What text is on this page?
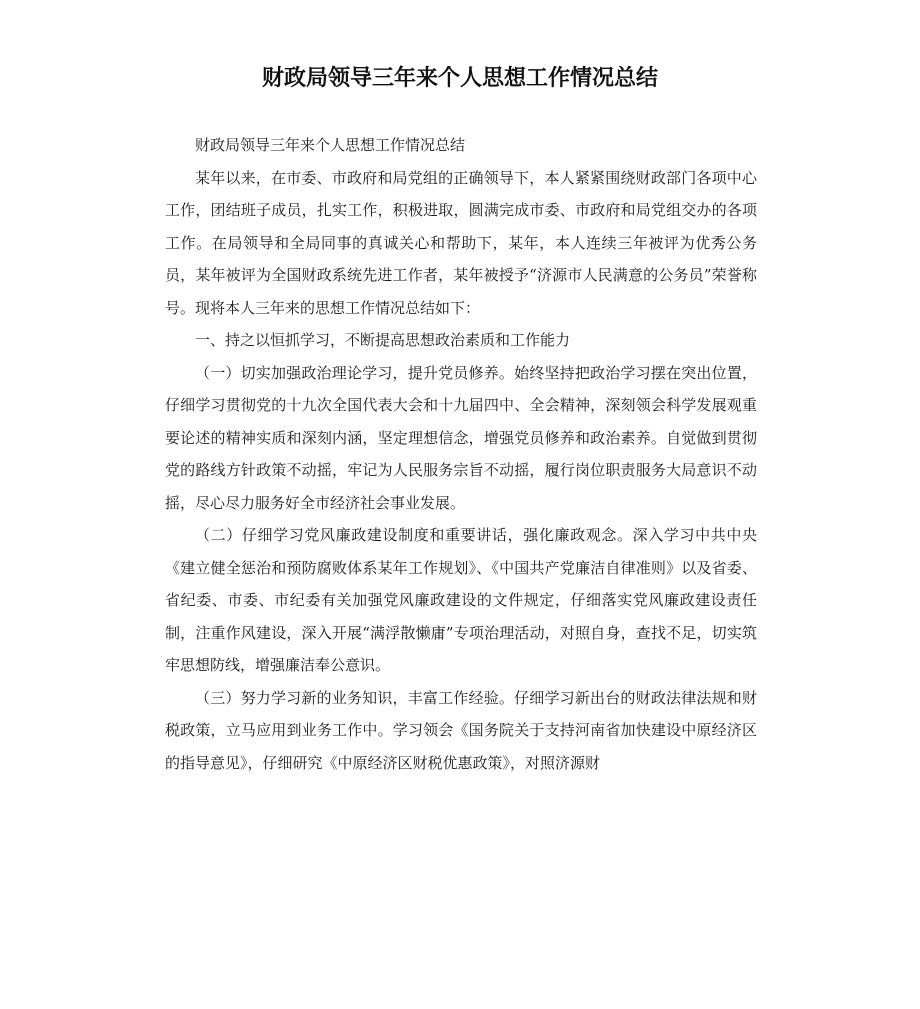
财政局领导三年来个人思想工作情况总结

财政局领导三年来个人思想工作情况总结

某年以来，在市委、市政府和局党组的正确领导下，本人紧紧围绕财政部门各项中心工作，团结班子成员，扎实工作，积极进取，圆满完成市委、市政府和局党组交办的各项工作。在局领导和全局同事的真诚关心和帮助下，某年，本人连续三年被评为优秀公务员，某年被评为全国财政系统先进工作者，某年被授予“济源市人民满意的公务员”荣誉称号。现将本人三年来的思想工作情况总结如下：

一、持之以恒抓学习，不断提高思想政治素质和工作能力

（一）切实加强政治理论学习，提升党员修养。始终坚持把政治学习摆在突出位置，仔细学习贯彻党的十九次全国代表大会和十九届四中、全会精神，深刻领会科学发展观重要论述的精神实质和深刻内涵，坚定理想信念，增强党员修养和政治素养。自觉做到贯彻党的路线方针政策不动摇，牢记为人民服务宗旨不动摇，履行岗位职责服务大局意识不动摇，尽心尽力服务好全市经济社会事业发展。

（二）仔细学习党风廉政建设制度和重要讲话，强化廉政观念。深入学习中共中央《建立健全惩治和预防腐败体系某年工作规划》、《中国共产党廉洁自律准则》以及省委、省纪委、市委、市纪委有关加强党风廉政建设的文件规定，仔细落实党风廉政建设责任制，注重作风建设，深入开展“满浮散懒庸”专项治理活动，对照自身，查找不足，切实筑牢思想防线，增强廉洁奉公意识。

（三）努力学习新的业务知识，丰富工作经验。仔细学习新出台的财政法律法规和财税政策，立马应用到业务工作中。学习领会《国务院关于支持河南省加快建设中原经济区的指导意见》，仔细研究《中原经济区财税优惠政策》，对照济源财
